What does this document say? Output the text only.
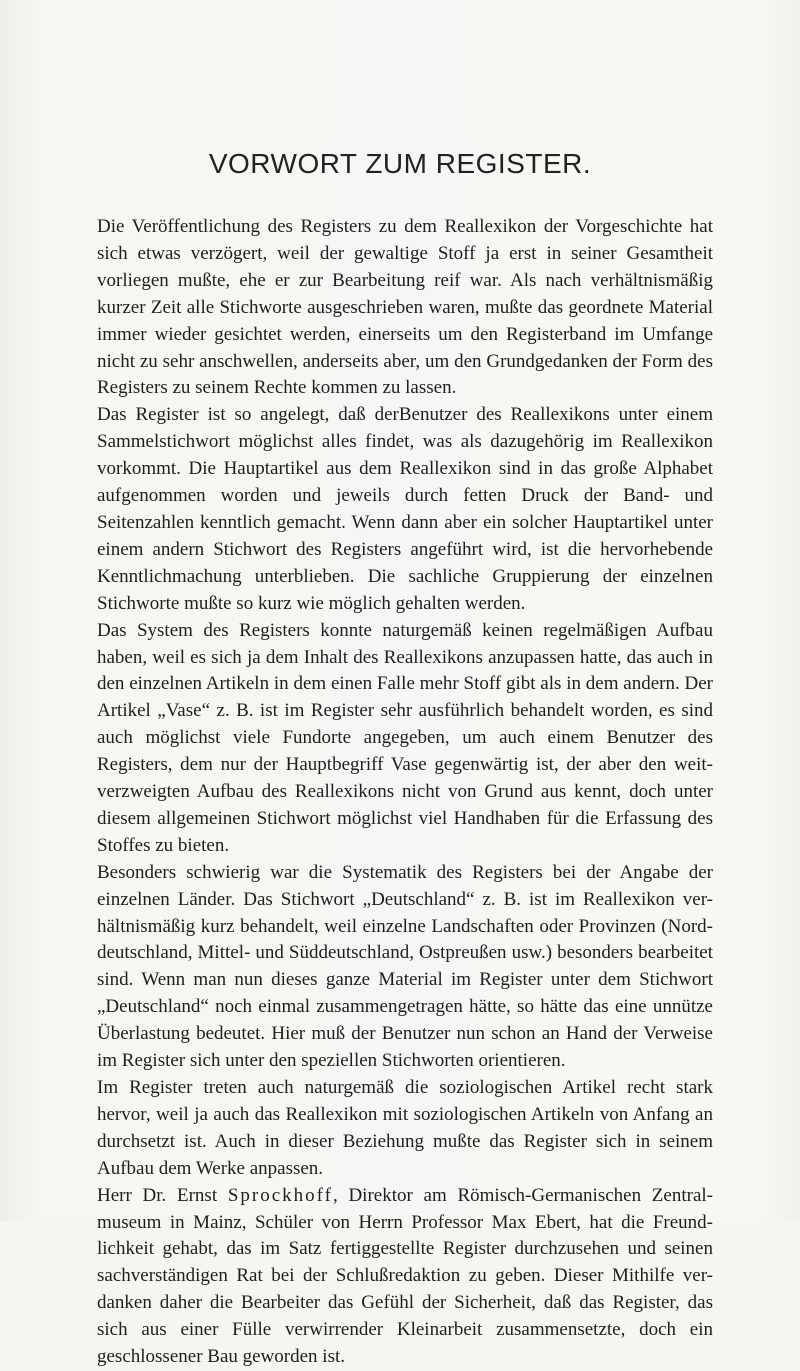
VORWORT ZUM REGISTER.

Die Veröffentlichung des Registers zu dem Reallexikon der Vorgeschichte hat sich etwas verzögert, weil der gewaltige Stoff ja erst in seiner Gesamtheit vorliegen mußte, ehe er zur Bearbeitung reif war. Als nach verhältnismäßig kurzer Zeit alle Stichworte ausgeschrieben waren, mußte das geordnete Material immer wieder gesichtet werden, einerseits um den Registerband im Umfange nicht zu sehr anschwellen, anderseits aber, um den Grundgedanken der Form des Registers zu seinem Rechte kommen zu lassen.

Das Register ist so angelegt, daß derBenutzer des Reallexikons unter einem Sammelstichwort möglichst alles findet, was als dazugehörig im Reallexikon vorkommt. Die Hauptartikel aus dem Reallexikon sind in das große Alphabet aufgenommen worden und jeweils durch fetten Druck der Band- und Seitenzahlen kenntlich gemacht. Wenn dann aber ein solcher Hauptartikel unter einem andern Stichwort des Registers angeführt wird, ist die hervorhebende Kenntlichmachung unterblieben. Die sachliche Gruppierung der einzelnen Stichworte mußte so kurz wie möglich gehalten werden.

Das System des Registers konnte naturgemäß keinen regelmäßigen Aufbau haben, weil es sich ja dem Inhalt des Reallexikons anzupassen hatte, das auch in den einzelnen Artikeln in dem einen Falle mehr Stoff gibt als in dem andern. Der Artikel „Vase“ z. B. ist im Register sehr ausführlich behandelt worden, es sind auch möglichst viele Fundorte angegeben, um auch einem Benutzer des Registers, dem nur der Hauptbegriff Vase gegenwärtig ist, der aber den weit-verzweigten Aufbau des Reallexikons nicht von Grund aus kennt, doch unter diesem allgemeinen Stichwort möglichst viel Handhaben für die Erfassung des Stoffes zu bieten.

Besonders schwierig war die Systematik des Registers bei der Angabe der einzelnen Länder. Das Stichwort „Deutschland“ z. B. ist im Reallexikon ver-hältnismäßig kurz behandelt, weil einzelne Landschaften oder Provinzen (Nord-deutschland, Mittel- und Süddeutschland, Ostpreußen usw.) besonders bearbeitet sind. Wenn man nun dieses ganze Material im Register unter dem Stichwort „Deutschland“ noch einmal zusammengetragen hätte, so hätte das eine unnütze Überlastung bedeutet. Hier muß der Benutzer nun schon an Hand der Verweise im Register sich unter den speziellen Stichworten orientieren.

Im Register treten auch naturgemäß die soziologischen Artikel recht stark hervor, weil ja auch das Reallexikon mit soziologischen Artikeln von Anfang an durchsetzt ist. Auch in dieser Beziehung mußte das Register sich in seinem Aufbau dem Werke anpassen.

Herr Dr. Ernst Sprockhoff, Direktor am Römisch-Germanischen Zentral-museum in Mainz, Schüler von Herrn Professor Max Ebert, hat die Freund-lichkeit gehabt, das im Satz fertiggestellte Register durchzusehen und seinen sachverständigen Rat bei der Schlußredaktion zu geben. Dieser Mithilfe ver-danken daher die Bearbeiter das Gefühl der Sicherheit, daß das Register, das sich aus einer Fülle verwirrender Kleinarbeit zusammensetzte, doch ein geschlossener Bau geworden ist.
